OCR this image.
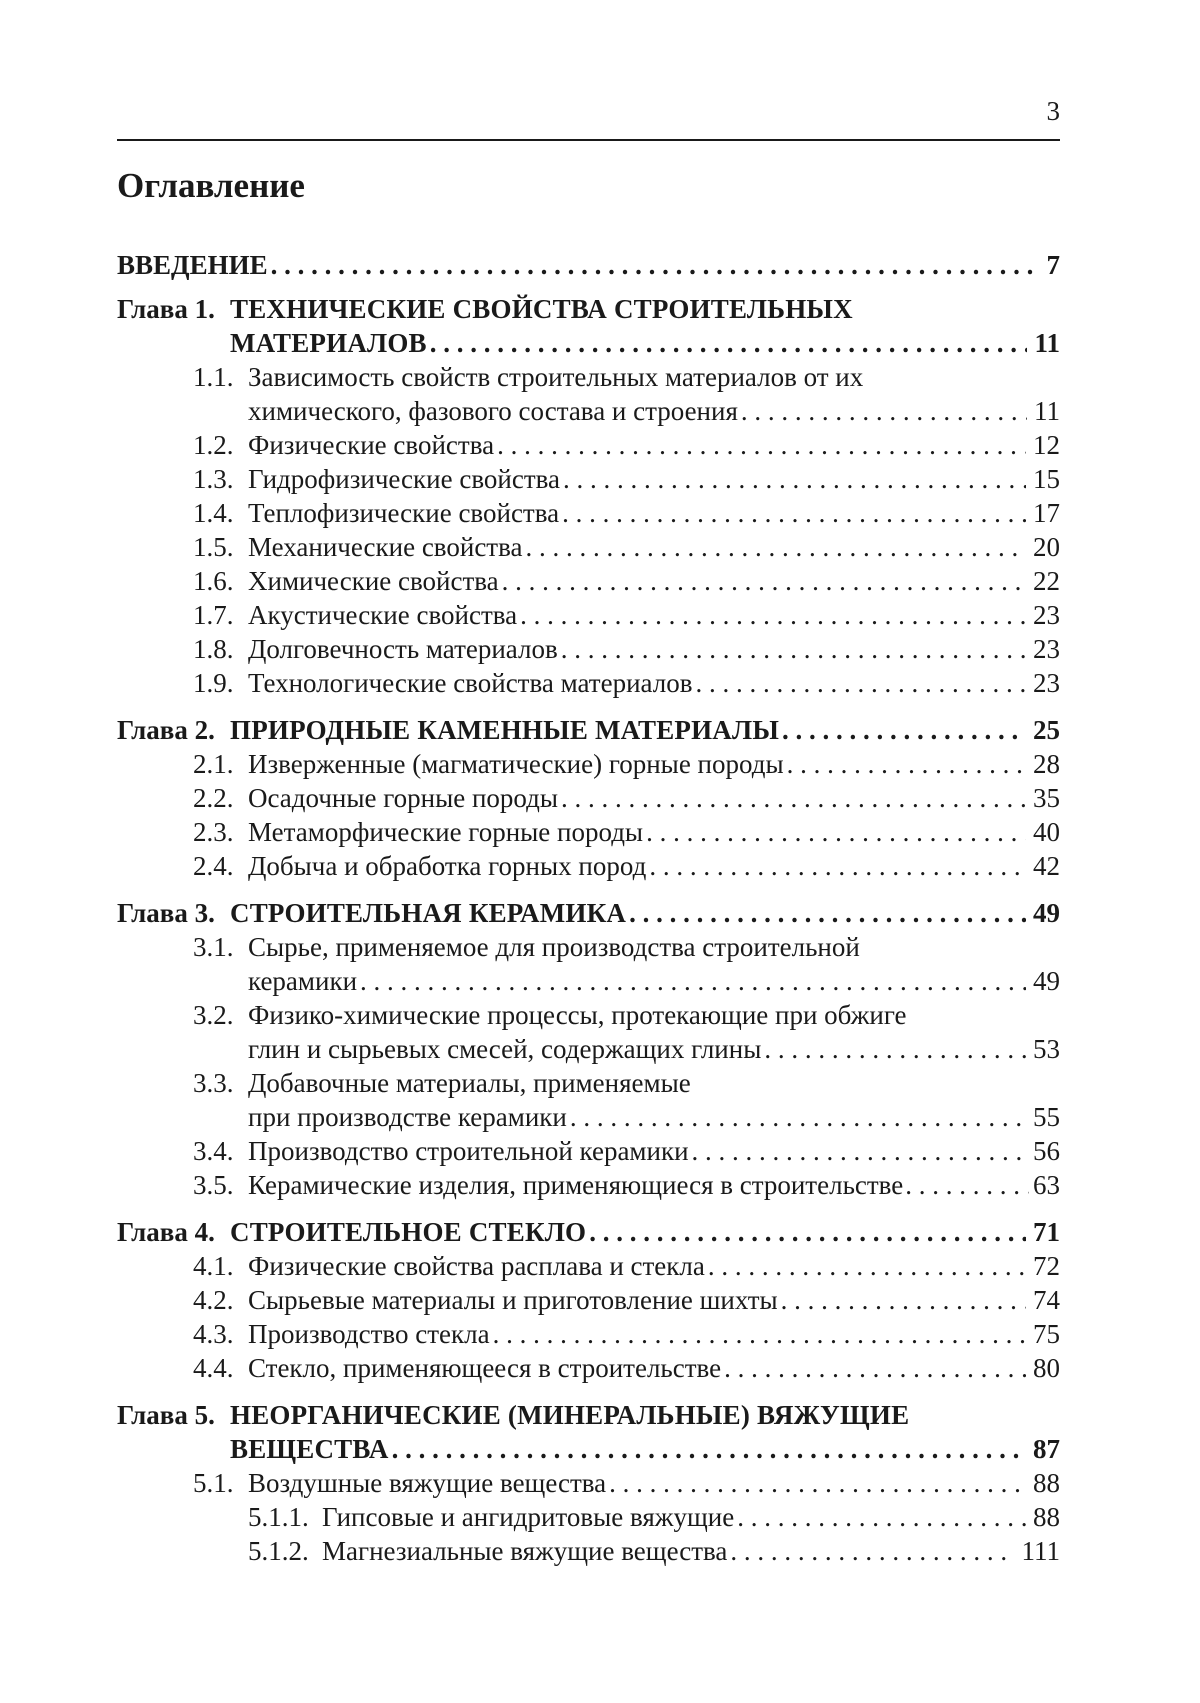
3
Оглавление
ВВЕДЕНИЕ . . .	7
Глава 1. ТЕХНИЧЕСКИЕ СВОЙСТВА СТРОИТЕЛЬНЫХ
МАТЕРИАЛОВ . . .	11
1.1. Зависимость свойств строительных материалов от их
химического, фазового состава и строения . . .	11
1.2. Физические свойства . . .	12
1.3. Гидрофизические свойства . . .	15
1.4. Теплофизические свойства . . .	17
1.5. Механические свойства . . .	20
1.6. Химические свойства . . .	22
1.7. Акустические свойства . . .	23
1.8. Долговечность материалов . . .	23
1.9. Технологические свойства материалов . . .	23
Глава 2. ПРИРОДНЫЕ КАМЕННЫЕ МАТЕРИАЛЫ . . .	25
2.1. Изверженные (магматические) горные породы . . .	28
2.2. Осадочные горные породы . . .	35
2.3. Метаморфические горные породы . . .	40
2.4. Добыча и обработка горных пород . . .	42
Глава 3. СТРОИТЕЛЬНАЯ КЕРАМИКА . . .	49
3.1. Сырье, применяемое для производства строительной
керамики . . .	49
3.2. Физико-химические процессы, протекающие при обжиге
глин и сырьевых смесей, содержащих глины . . .	53
3.3. Добавочные материалы, применяемые
при производстве керамики . . .	55
3.4. Производство строительной керамики . . .	56
3.5. Керамические изделия, применяющиеся в строительстве . . .	63
Глава 4. СТРОИТЕЛЬНОЕ СТЕКЛО . . .	71
4.1. Физические свойства расплава и стекла . . .	72
4.2. Сырьевые материалы и приготовление шихты . . .	74
4.3. Производство стекла . . .	75
4.4. Стекло, применяющееся в строительстве . . .	80
Глава 5. НЕОРГАНИЧЕСКИЕ (МИНЕРАЛЬНЫЕ) ВЯЖУЩИЕ
ВЕЩЕСТВА . . .	87
5.1. Воздушные вяжущие вещества . . .	88
5.1.1. Гипсовые и ангидритовые вяжущие . . .	88
5.1.2. Магнезиальные вяжущие вещества . . .	111
